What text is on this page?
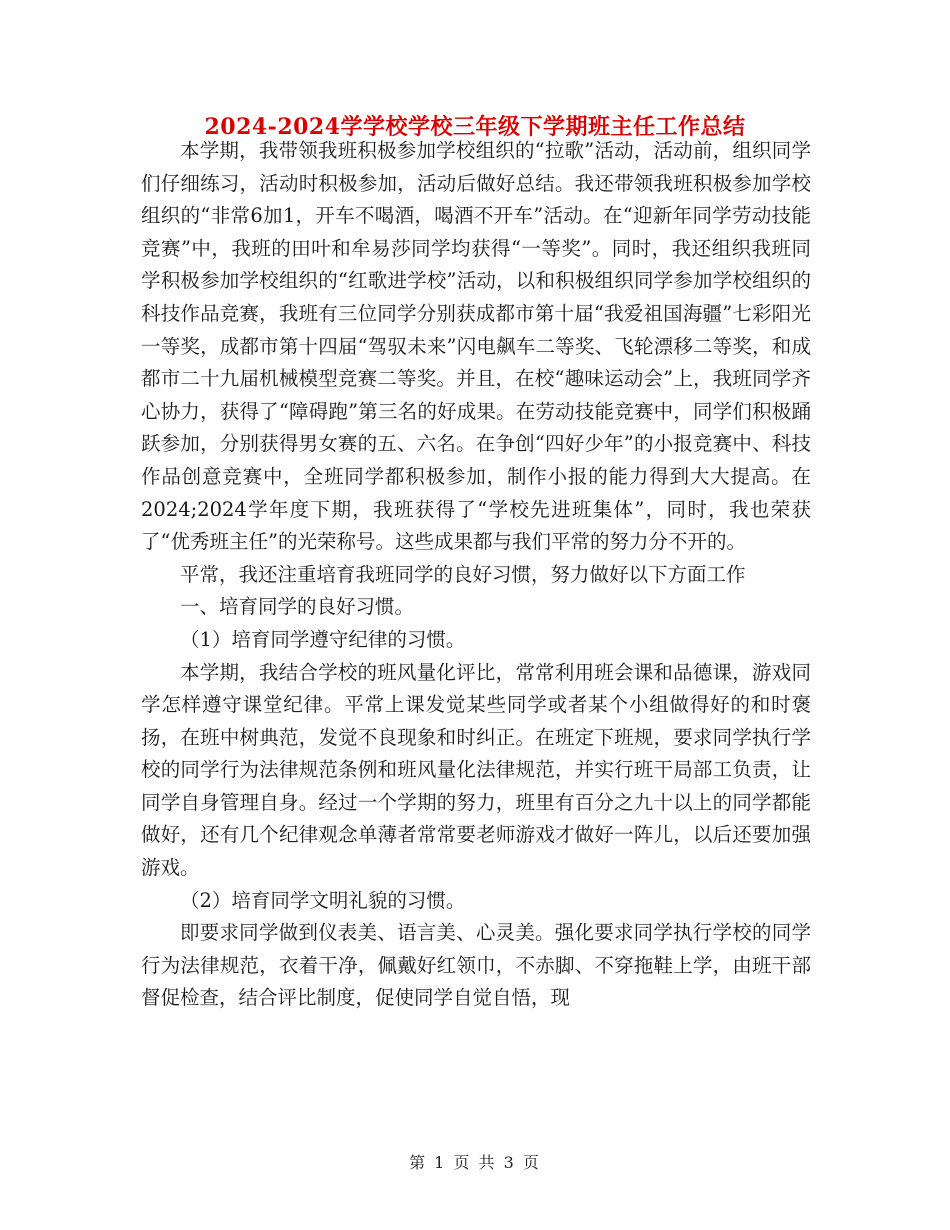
2024-2024学学校学校三年级下学期班主任工作总结

本学期，我带领我班积极参加学校组织的“拉歌”活动，活动前，组织同学们仔细练习，活动时积极参加，活动后做好总结。我还带领我班积极参加学校组织的“非常6加1，开车不喝酒，喝酒不开车”活动。在“迎新年同学劳动技能竞赛”中，我班的田叶和牟易莎同学均获得“一等奖”。同时，我还组织我班同学积极参加学校组织的“红歌进学校”活动，以和积极组织同学参加学校组织的科技作品竞赛，我班有三位同学分别获成都市第十届“我爱祖国海疆”七彩阳光一等奖，成都市第十四届“驾驭未来”闪电飙车二等奖、飞轮漂移二等奖，和成都市二十九届机械模型竞赛二等奖。并且，在校“趣味运动会”上，我班同学齐心协力，获得了“障碍跑”第三名的好成果。在劳动技能竞赛中，同学们积极踊跃参加，分别获得男女赛的五、六名。在争创“四好少年”的小报竞赛中、科技作品创意竞赛中，全班同学都积极参加，制作小报的能力得到大大提高。在2024;2024学年度下期，我班获得了“学校先进班集体”，同时，我也荣获了“优秀班主任”的光荣称号。这些成果都与我们平常的努力分不开的。

平常，我还注重培育我班同学的良好习惯，努力做好以下方面工作

一、培育同学的良好习惯。

（1）培育同学遵守纪律的习惯。

本学期，我结合学校的班风量化评比，常常利用班会课和品德课，游戏同学怎样遵守课堂纪律。平常上课发觉某些同学或者某个小组做得好的和时褒扬，在班中树典范，发觉不良现象和时纠正。在班定下班规，要求同学执行学校的同学行为法律规范条例和班风量化法律规范，并实行班干局部工负责，让同学自身管理自身。经过一个学期的努力，班里有百分之九十以上的同学都能做好，还有几个纪律观念单薄者常常要老师游戏才做好一阵儿，以后还要加强游戏。

（2）培育同学文明礼貌的习惯。

即要求同学做到仪表美、语言美、心灵美。强化要求同学执行学校的同学行为法律规范，衣着干净，佩戴好红领巾，不赤脚、不穿拖鞋上学，由班干部督促检查，结合评比制度，促使同学自觉自悟，现

第 1 页 共 3 页
